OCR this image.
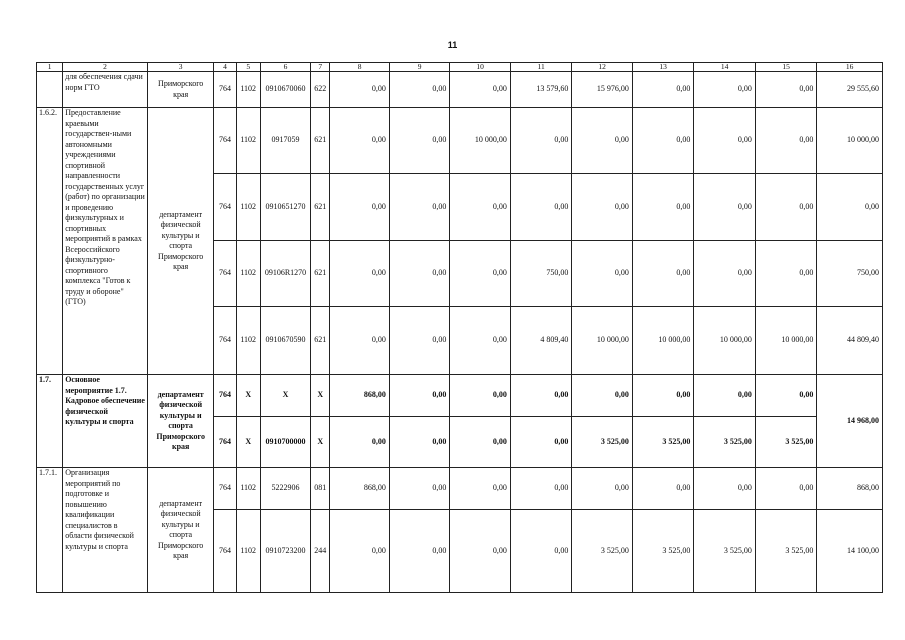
11
1	2	3	4	5	6	7	8	9	10	11	12	13	14	15	16
	для обеспечения сдачи норм ГТО	Приморского края	764	1102	0910670060	622	0,00	0,00	0,00	13 579,60	15 976,00	0,00	0,00	0,00	29 555,60
1.6.2.	Предоставление краевыми государствен-ными автономными учреждениями спортивной направленности государственных услуг (работ) по организации и проведению физкультурных и спортивных мероприятий в рамках Всероссийского физкультурно-спортивного комплекса "Готов к труду и обороне" (ГТО)	департамент физической культуры и спорта Приморского края	764	1102	0917059	621	0,00	0,00	10 000,00	0,00	0,00	0,00	0,00	0,00	10 000,00
			764	1102	0910651270	621	0,00	0,00	0,00	0,00	0,00	0,00	0,00	0,00	0,00
			764	1102	09106R1270	621	0,00	0,00	0,00	750,00	0,00	0,00	0,00	0,00	750,00
			764	1102	0910670590	621	0,00	0,00	0,00	4 809,40	10 000,00	10 000,00	10 000,00	10 000,00	44 809,40
1.7.	Основное мероприятие 1.7. Кадровое обеспечение физической культуры и спорта	департамент физической культуры и спорта Приморского края	764	X	X	X	868,00	0,00	0,00	0,00	0,00	0,00	0,00	0,00	14 968,00
			764	X	0910700000	X	0,00	0,00	0,00	0,00	3 525,00	3 525,00	3 525,00	3 525,00	
1.7.1.	Организация мероприятий по подготовке и повышению квалификации специалистов в области физической культуры и спорта	департамент физической культуры и спорта Приморского края	764	1102	5222906	081	868,00	0,00	0,00	0,00	0,00	0,00	0,00	0,00	868,00
			764	1102	0910723200	244	0,00	0,00	0,00	0,00	3 525,00	3 525,00	3 525,00	3 525,00	14 100,00
